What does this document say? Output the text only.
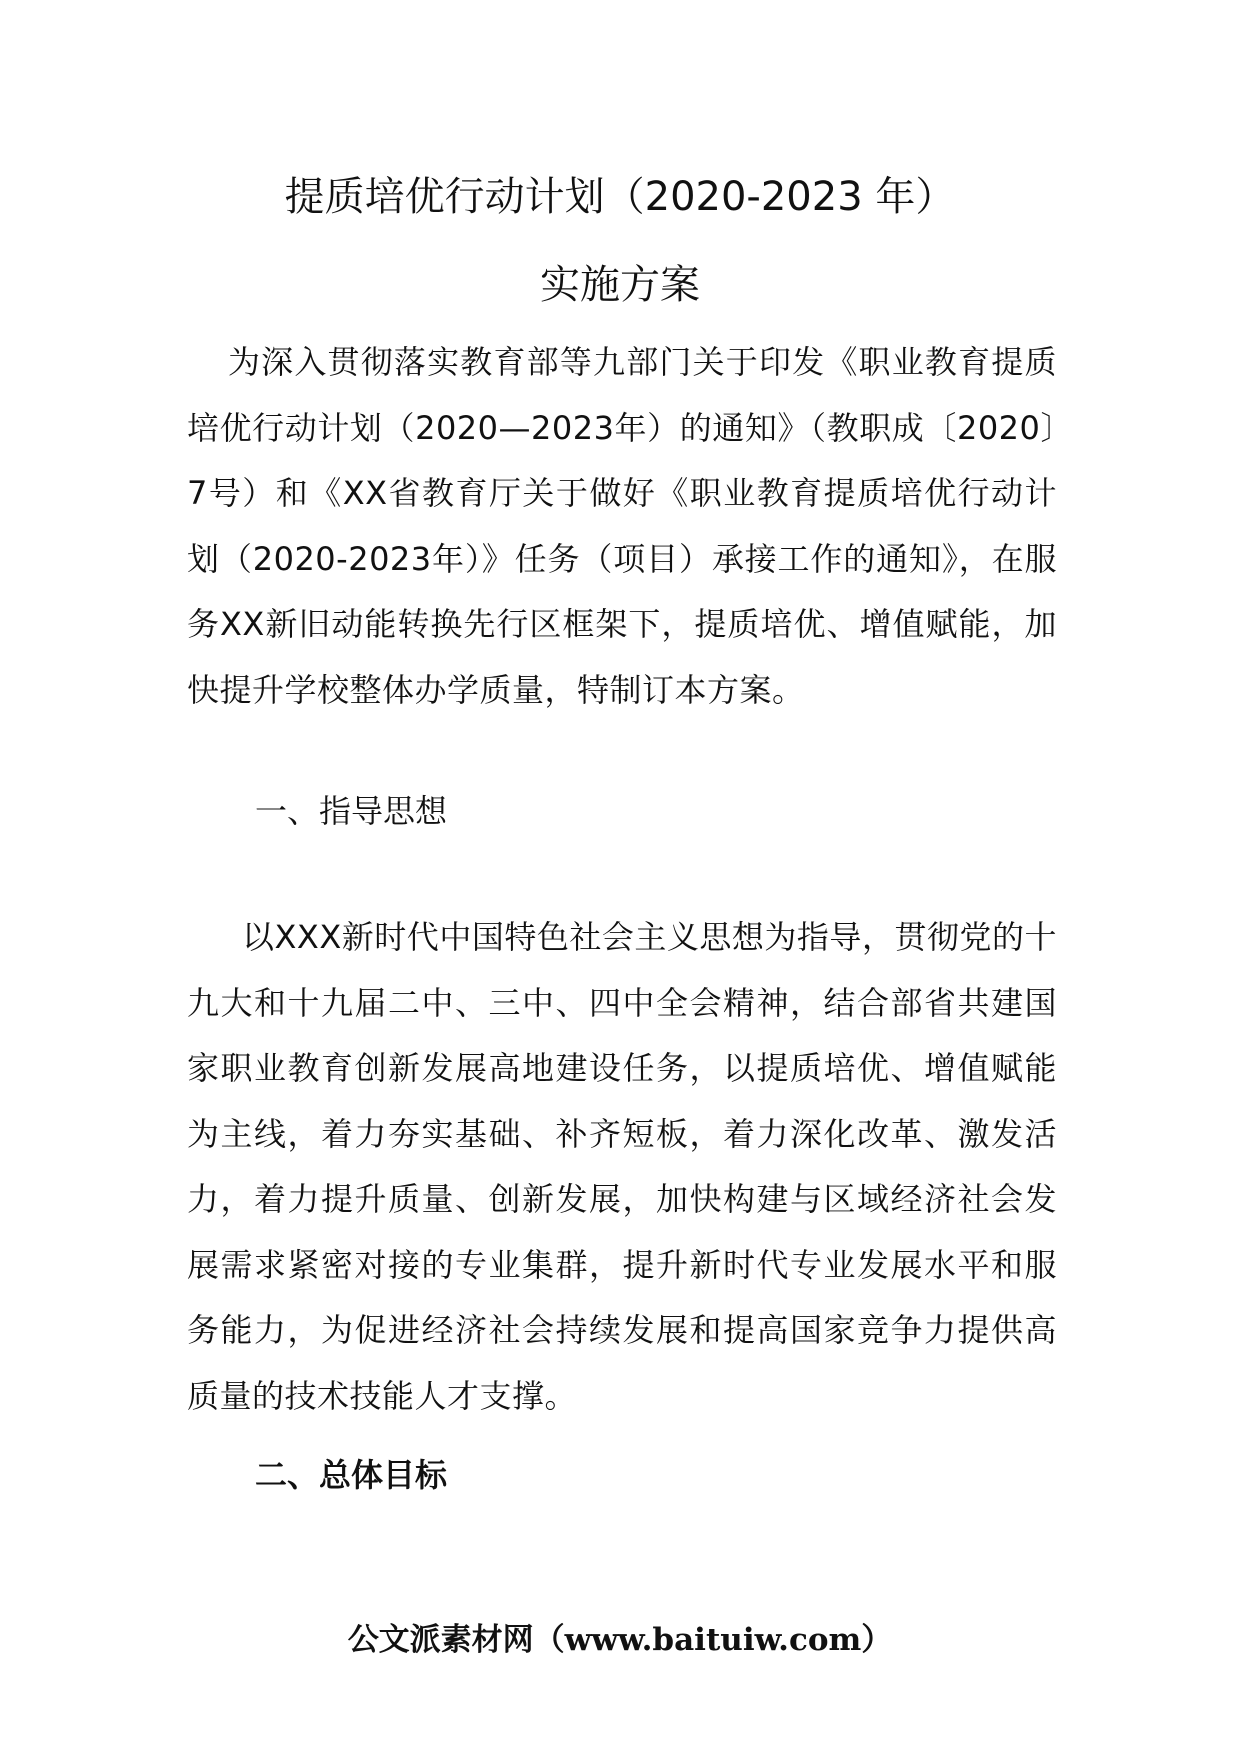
提质培优行动计划（2020-2023 年）
实施方案
为深入贯彻落实教育部等九部门关于印发《职业教育提质培优行动计划（2020—2023年）的通知》（教职成〔2020〕7号）和《XX省教育厅关于做好《职业教育提质培优行动计划（2020-2023年）》任务（项目）承接工作的通知》，在服务XX新旧动能转换先行区框架下，提质培优、增值赋能，加快提升学校整体办学质量，特制订本方案。
一、指导思想
以XXX新时代中国特色社会主义思想为指导，贯彻党的十九大和十九届二中、三中、四中全会精神，结合部省共建国家职业教育创新发展高地建设任务，以提质培优、增值赋能为主线，着力夯实基础、补齐短板，着力深化改革、激发活力，着力提升质量、创新发展，加快构建与区域经济社会发展需求紧密对接的专业集群，提升新时代专业发展水平和服务能力，为促进经济社会持续发展和提高国家竞争力提供高质量的技术技能人才支撑。
二、总体目标
公文派素材网（www.baituiw.com）
